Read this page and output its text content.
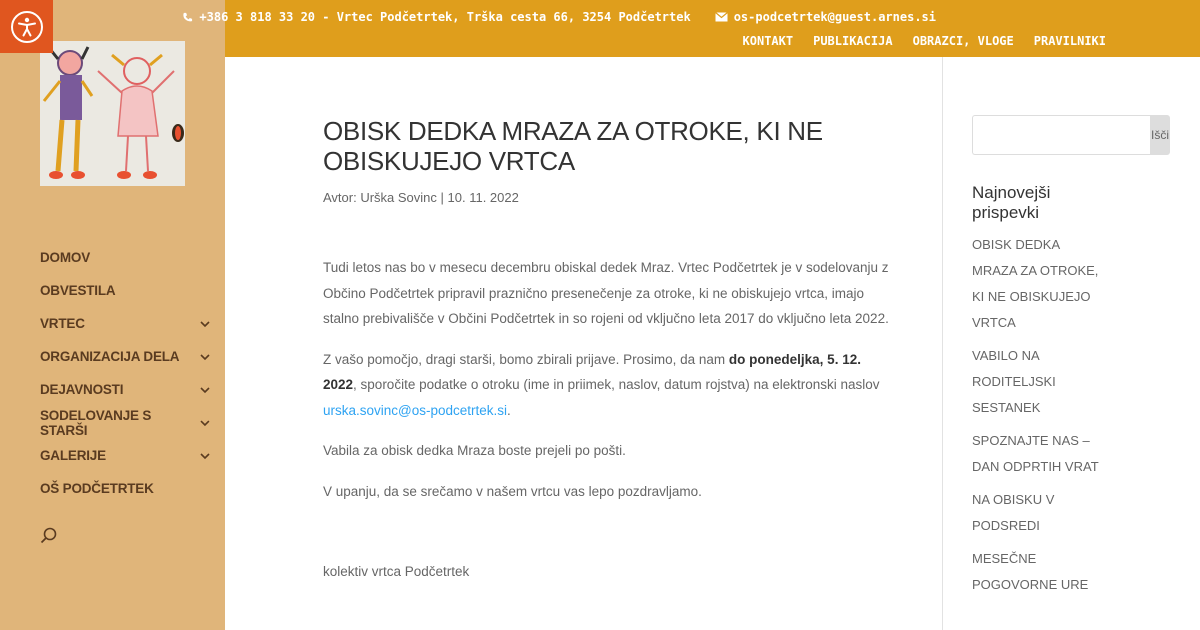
DOMOV
OBVESTILA
VRTEC
ORGANIZACIJA DELA
DEJAVNOSTI
SODELOVANJE S STARŠI
GALERIJE
OŠ PODČETRTEK
+386 3 818 33 20 - Vrtec Podčetrtek, Trška cesta 66, 3254 Podčetrtek	os-podcetrtek@guest.arnes.si
KONTAKT PUBLIKACIJA OBRAZCI, VLOGE PRAVILNIKI
OBISK DEDKA MRAZA ZA OTROKE, KI NE OBISKUJEJO VRTCA
Avtor: Urška Sovinc | 10. 11. 2022

Tudi letos nas bo v mesecu decembru obiskal dedek Mraz. Vrtec Podčetrtek je v sodelovanju z Občino Podčetrtek pripravil praznično presenečenje za otroke, ki ne obiskujejo vrtca, imajo stalno prebivališče v Občini Podčetrtek in so rojeni od vključno leta 2017 do vključno leta 2022.

Z vašo pomočjo, dragi starši, bomo zbirali prijave. Prosimo, da nam do ponedeljka, 5. 12. 2022, sporočite podatke o otroku (ime in priimek, naslov, datum rojstva) na elektronski naslov urska.sovinc@os-podcetrtek.si.

Vabila za obisk dedka Mraza boste prejeli po pošti.

V upanju, da se srečamo v našem vrtcu vas lepo pozdravljamo.

kolektiv vrtca Podčetrtek

Išči
Najnovejši prispevki
OBISK DEDKA MRAZA ZA OTROKE, KI NE OBISKUJEJO VRTCA
VABILO NA RODITELJSKI SESTANEK
SPOZNAJTE NAS – DAN ODPRTIH VRAT
NA OBISKU V PODSREDI
MESEČNE POGOVORNE URE
